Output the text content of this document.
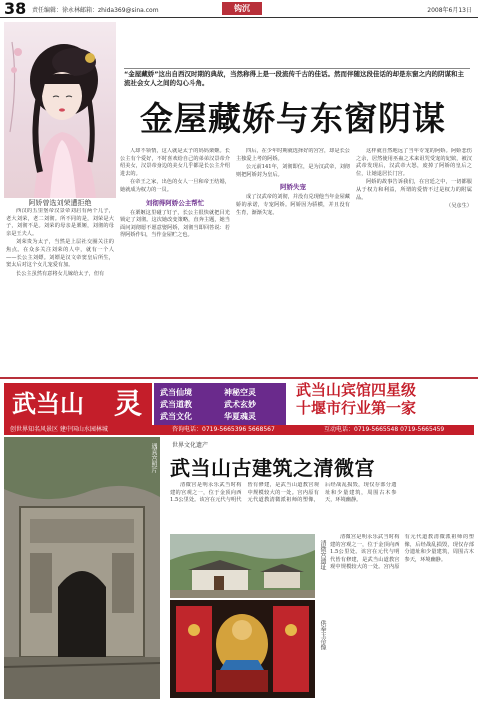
38 责任编辑：徐永林邮箱：zhida369@sina.com	钩沉	2008年6月13日
阿娇曾选刘荣遭拒绝
“金屋藏娇”这出自西汉时期的典故，当然称得上是一段流传千古的佳话。然而伴随这段佳话的却是东窗之内的阴谋和主流社会女人之间的勾心斗角。
金屋藏娇与东窗阴谋

西汉的五里堡帝汉景帝刘启有两个儿子，老大刘荣，老二刘彻。所不同的是，刘荣是大子，刘彻不是。刘荣的母亲是栗姬，刘彻的母亲是王夫人。

刘荣贵为太子，当然是上层社交圈关注的焦点。在众多关注刘荣的人中，就有一个人——长公主刘嫖。刘嫖是汉文帝窦皇后所生，窦太后对这个女儿宠爱有加。

长公主虽然有意将女儿嫁给太子，但有

人却不领情，这人就是太子的妈妈栗姬。长公主有个爱好，不时喜欢给自己的弟弟汉景帝介绍美女，汉景帝身边的美女几乎都是长公主介绍进去的。

在帝王之家，出色的女人一旦和帝王结婚，她就成为权力的一员。

刘彻得阿娇公主帮忙

在栗姬这里碰了钉子，长公主很快就把目光锁定了刘彻。这次她改变策略，直奔主题，她当面问刘彻愿不愿意娶阿娇，刘彻当即回答说：若得阿娇作妇，当作金屋贮之也。

四后，在少年时期就选择好的宫宫，却是长公主独爱上考的阿娇。

公元前141年，刘彻即位，是为汉武帝，刘彻则把阿娇封为皇后。

阿娇失宠

成了汉武帝的刘彻，并没有兑现他当年金屋藏娇的承诺，专宠阿娇。阿娇因为骄横，并且没有生育，渐渐失宠。

这样就自然地远了当年专宠的阿娇。阿娇悲伤之余，居然使用巫蛊之术来诅咒受宠的妃嫔，被汉武帝发现后，汉武帝大怒，废掉了阿娇的皇后之位，让她退居长门宫。

阿娇的故事告诉我们，在宫廷之中，一切都服从于权力和利益，所谓的爱情不过是权力的附属品。

（吴彦生）

武当山 灵 武当仙境
武当道教
武当文化
神秘空灵
武术玄妙
华夏魂灵
武当山宾馆四星级
十堰市行业第一家
创世界知名风景区 建中国山水园林城	咨询电话：0719-5665396 5668567	互动电话：0719-5665548 0719-5665459
遇真宫照片	世界文化遗产
武当山古建筑之清微宫

清微宫是明永乐武当时构建的宫观之一，位于金顶向西1.5公里处。该宫在元代与明代皆有修建，是武当山道教宫观中规模较大的一处。宫内原有元代道教清微派祖师的塑像，后经战乱损毁，现仅存部分遗址和少量建筑，周围古木参天，环境幽静。

清微宫遗址
供奉玉帝像

清微宫是明永乐武当时构建的宫观之一，位于金顶向西1.5公里处。该宫在元代与明代皆有修建，是武当山道教宫观中规模较大的一处。宫内原有元代道教清微派祖师的塑像，后经战乱损毁，现仅存部分遗址和少量建筑，周围古木参天，环境幽静。
